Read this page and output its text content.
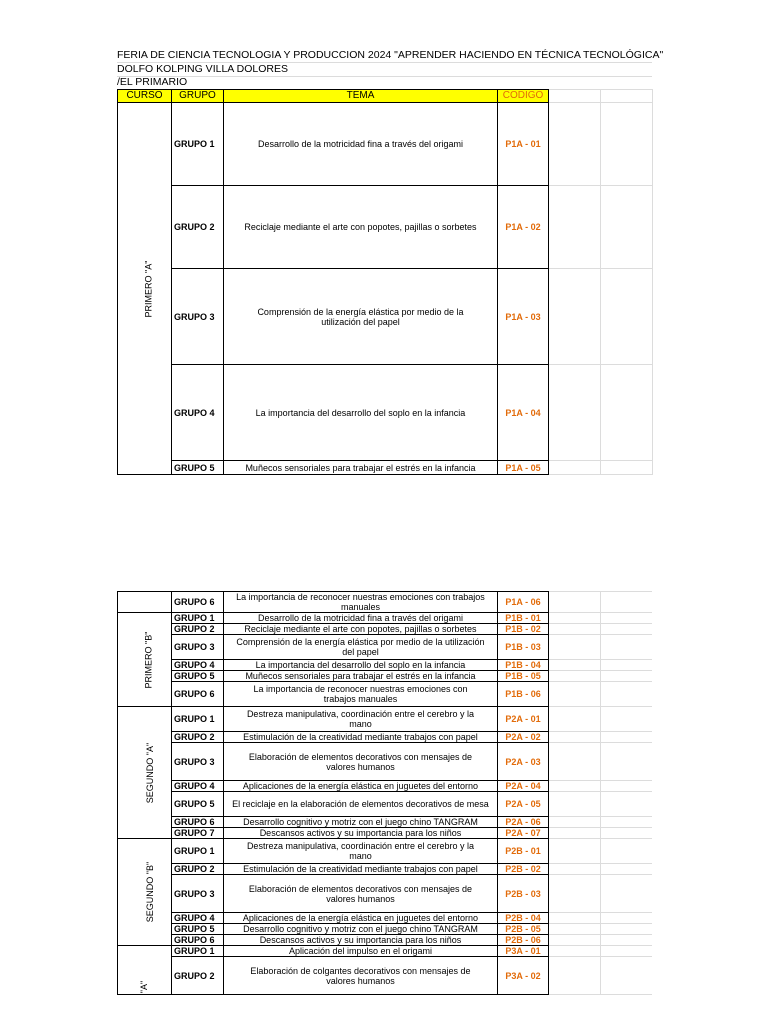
FERIA DE CIENCIA TECNOLOGIA Y PRODUCCION 2024 "APRENDER HACIENDO EN TÉCNICA TECNOLÓGICA"
DOLFO KOLPING VILLA DOLORES
/EL PRIMARIO
CURSO	GRUPO	TEMA	CODIGO		
PRIMERO "A"	GRUPO 1	Desarrollo de la motricidad fina a través del origami	P1A - 01		
	GRUPO 2	Reciclaje mediante el arte con popotes, pajillas o sorbetes	P1A - 02		
	GRUPO 3	Comprensión de la energía elástica por medio de la utilización del papel	P1A - 03		
	GRUPO 4	La importancia del desarrollo del soplo en la infancia	P1A - 04		
	GRUPO 5	Muñecos sensoriales para trabajar el estrés en la infancia	P1A - 05		
	GRUPO 6	La importancia de reconocer nuestras emociones con trabajos manuales	P1A - 06		
PRIMERO "B"	GRUPO 1	Desarrollo de la motricidad fina a través del origami	P1B - 01		
	GRUPO 2	Reciclaje mediante el arte con popotes, pajillas o sorbetes	P1B - 02		
	GRUPO 3	Comprensión de la energía elástica por medio de la utilización del papel	P1B - 03		
	GRUPO 4	La importancia del desarrollo del soplo en la infancia	P1B - 04		
	GRUPO 5	Muñecos sensoriales para trabajar el estrés en la infancia	P1B - 05		
	GRUPO 6	La importancia de reconocer nuestras emociones con trabajos manuales	P1B - 06		
SEGUNDO "A"	GRUPO 1	Destreza manipulativa, coordinación entre el cerebro y la mano	P2A - 01		
	GRUPO 2	Estimulación de la creatividad mediante trabajos con papel	P2A - 02		
	GRUPO 3	Elaboración de elementos decorativos con mensajes de valores humanos	P2A - 03		
	GRUPO 4	Aplicaciones de la energía elástica en juguetes del entorno	P2A - 04		
	GRUPO 5	El reciclaje en la elaboración de elementos decorativos de mesa	P2A - 05		
	GRUPO 6	Desarrollo cognitivo y motriz con el juego chino TANGRAM	P2A - 06		
	GRUPO 7	Descansos activos y su importancia para los niños	P2A - 07		
SEGUNDO "B"	GRUPO 1	Destreza manipulativa, coordinación entre el cerebro y la mano	P2B - 01		
	GRUPO 2	Estimulación de la creatividad mediante trabajos con papel	P2B - 02		
	GRUPO 3	Elaboración de elementos decorativos con mensajes de valores humanos	P2B - 03		
	GRUPO 4	Aplicaciones de la energía elástica en juguetes del entorno	P2B - 04		
	GRUPO 5	Desarrollo cognitivo y motriz con el juego chino TANGRAM	P2B - 05		
	GRUPO 6	Descansos activos y su importancia para los niños	P2B - 06		
"A"	GRUPO 1	Aplicación del impulso en el origami	P3A - 01		
	GRUPO 2	Elaboración de colgantes decorativos con mensajes de valores humanos	P3A - 02		
